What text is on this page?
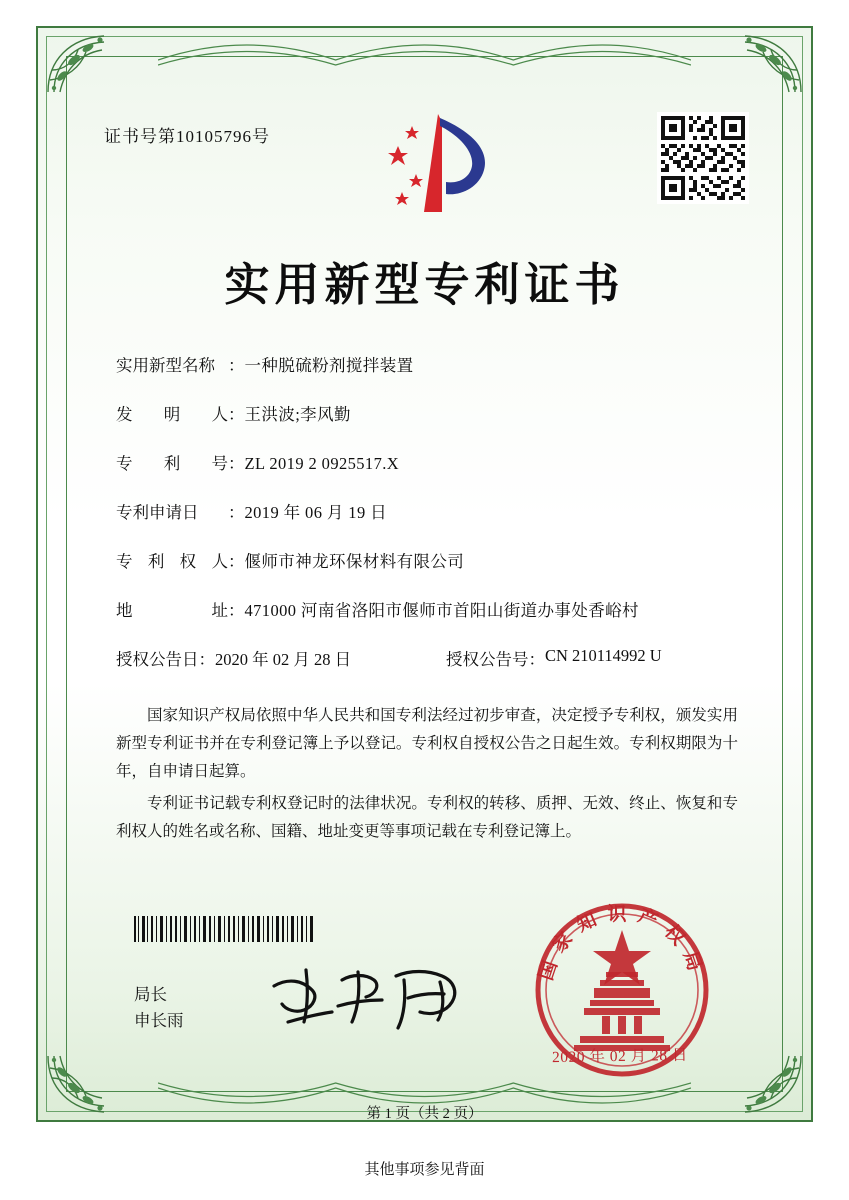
证书号第10105796号
实用新型专利证书
实用新型名称 ： 一种脱硫粉剂搅拌装置
发 明 人 ： 王洪波;李风勤
专 利 号 ： ZL 2019 2 0925517.X
专利申请日	： 2019 年 06 月 19 日
专 利 权 人 ： 偃师市神龙环保材料有限公司
地	址 ： 471000 河南省洛阳市偃师市首阳山街道办事处香峪村
授权公告日 ： 2020 年 02 月 28 日	授权公告号 ： CN 210114992 U

国家知识产权局依照中华人民共和国专利法经过初步审查，决定授予专利权，颁发实用新型专利证书并在专利登记簿上予以登记。专利权自授权公告之日起生效。专利权期限为十年，自申请日起算。

专利证书记载专利权登记时的法律状况。专利权的转移、质押、无效、终止、恢复和专利权人的姓名或名称、国籍、地址变更等事项记载在专利登记簿上。

局长
申长雨
国家知识产权局
2020 年 02 月 28 日
第 1 页（共 2 页）
其他事项参见背面
